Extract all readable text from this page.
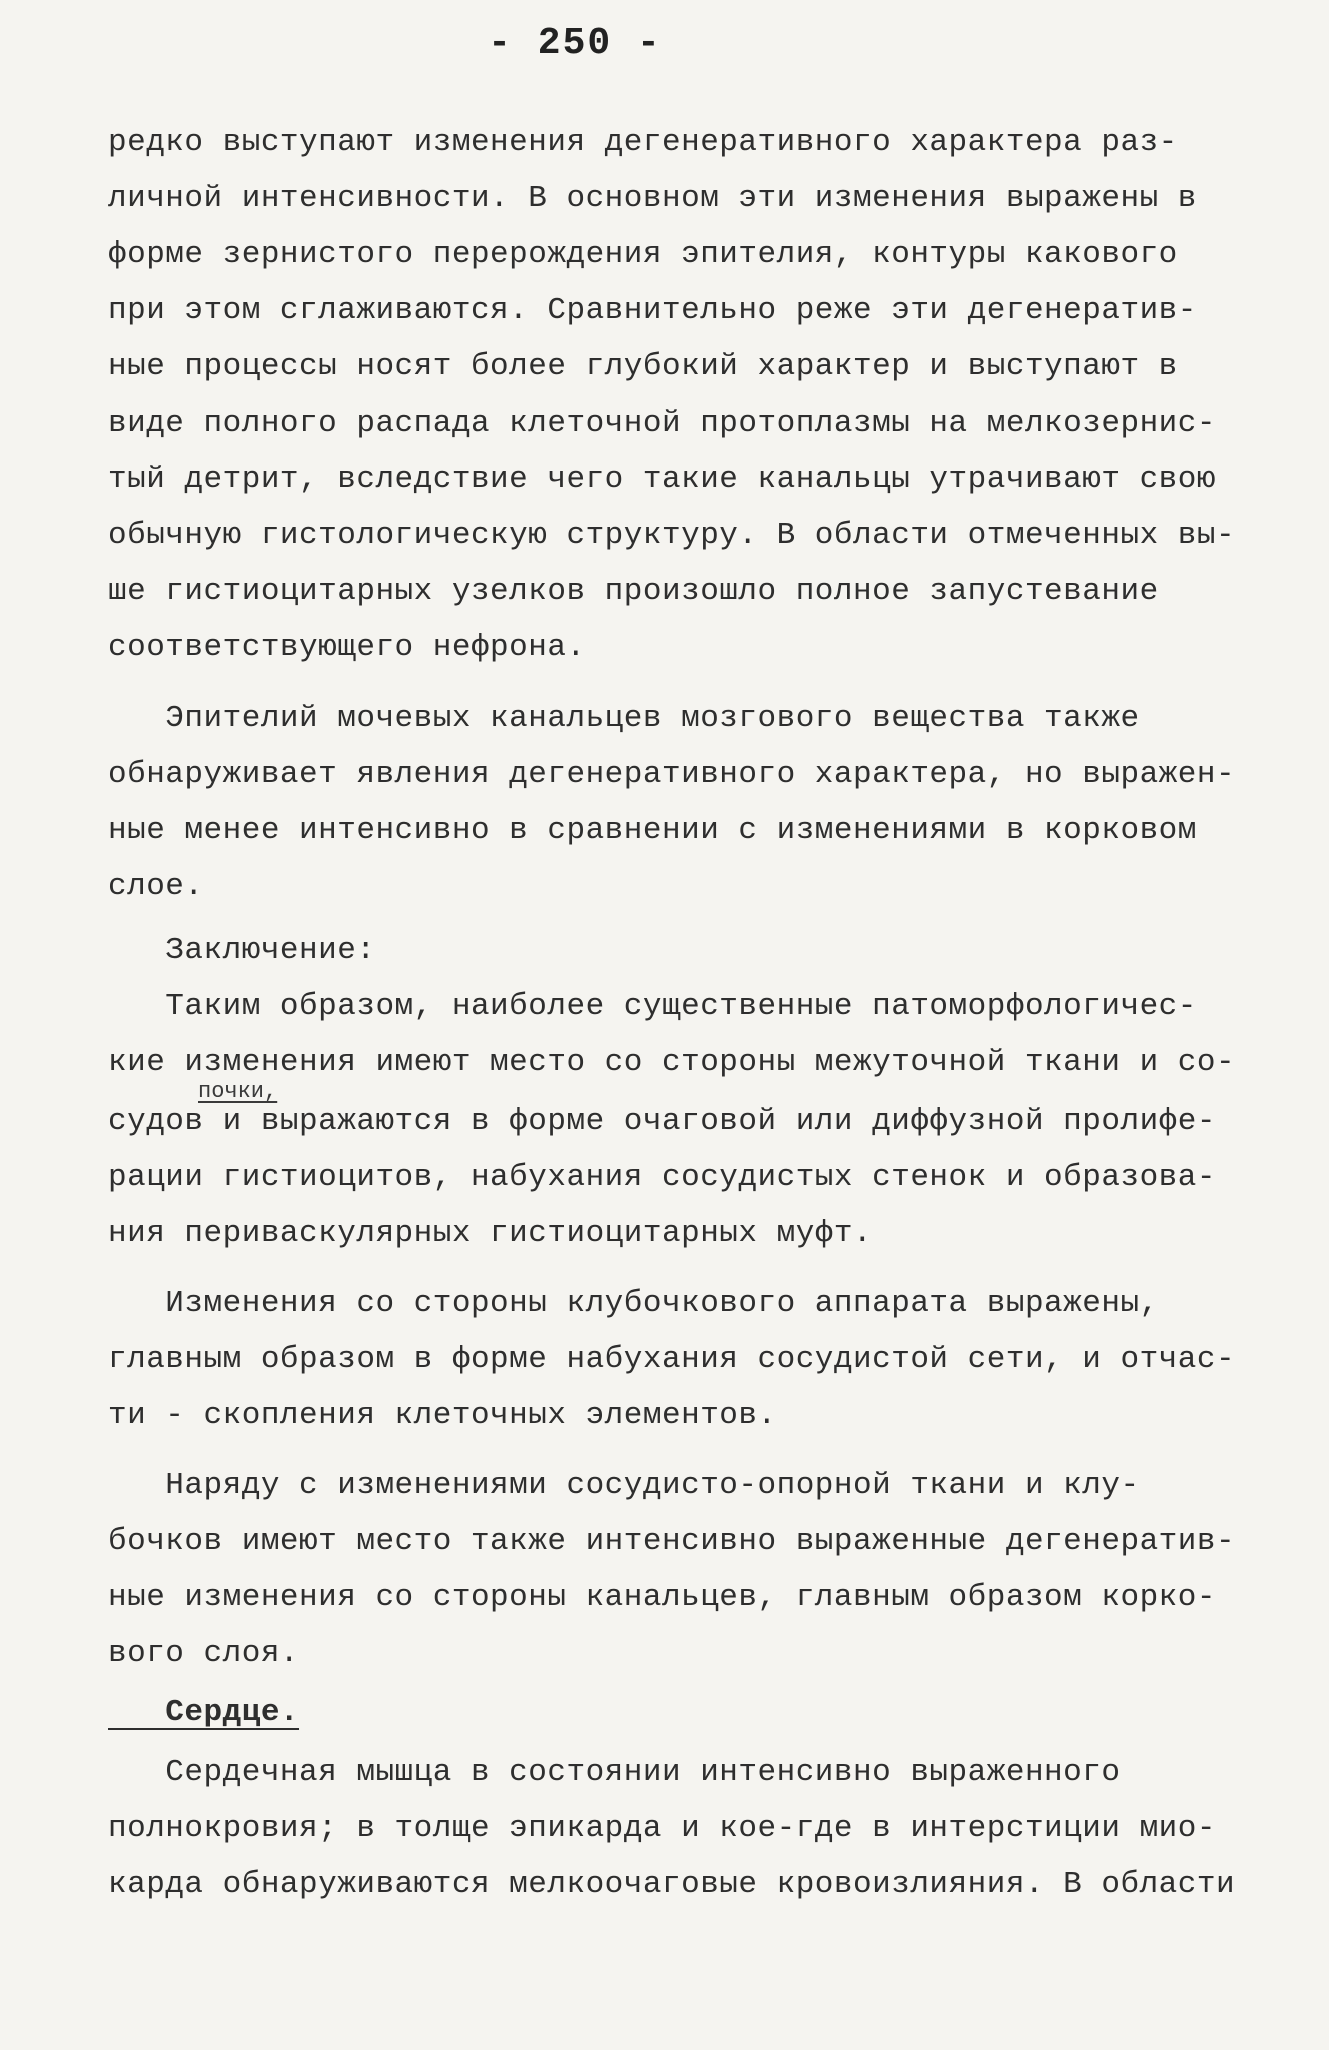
- 250 -
редко выступают изменения дегенеративного характера раз-
личной интенсивности. В основном эти изменения выражены в
форме зернистого перерождения эпителия, контуры какового
при этом сглаживаются. Сравнительно реже эти дегенератив-
ные процессы носят более глубокий характер и выступают в
виде полного распада клеточной протоплазмы на мелкозернис-
тый детрит, вследствие чего такие канальцы утрачивают свою
обычную гистологическую структуру. В области отмеченных вы-
ше гистиоцитарных узелков произошло полное запустевание
соответствующего нефрона.
Эпителий мочевых канальцев мозгового вещества также
обнаруживает явления дегенеративного характера, но выражен-
ные менее интенсивно в сравнении с изменениями в корковом
слое.
Заключение:
Таким образом, наиболее существенные патоморфологичес-
кие изменения имеют место со стороны межуточной ткани и со-
почки,
судов и выражаются в форме очаговой или диффузной пролифе-
рации гистиоцитов, набухания сосудистых стенок и образова-
ния периваскулярных гистиоцитарных муфт.
Изменения со стороны клубочкового аппарата выражены,
главным образом в форме набухания сосудистой сети, и отчас-
ти - скопления клеточных элементов.
Наряду с изменениями сосудисто-опорной ткани и клу-
бочков имеют место также интенсивно выраженные дегенератив-
ные изменения со стороны канальцев, главным образом корко-
вого слоя.
Сердце.
Сердечная мышца в состоянии интенсивно выраженного
полнокровия; в толще эпикарда и кое-где в интерстиции мио-
карда обнаруживаются мелкоочаговые кровоизлияния. В области
